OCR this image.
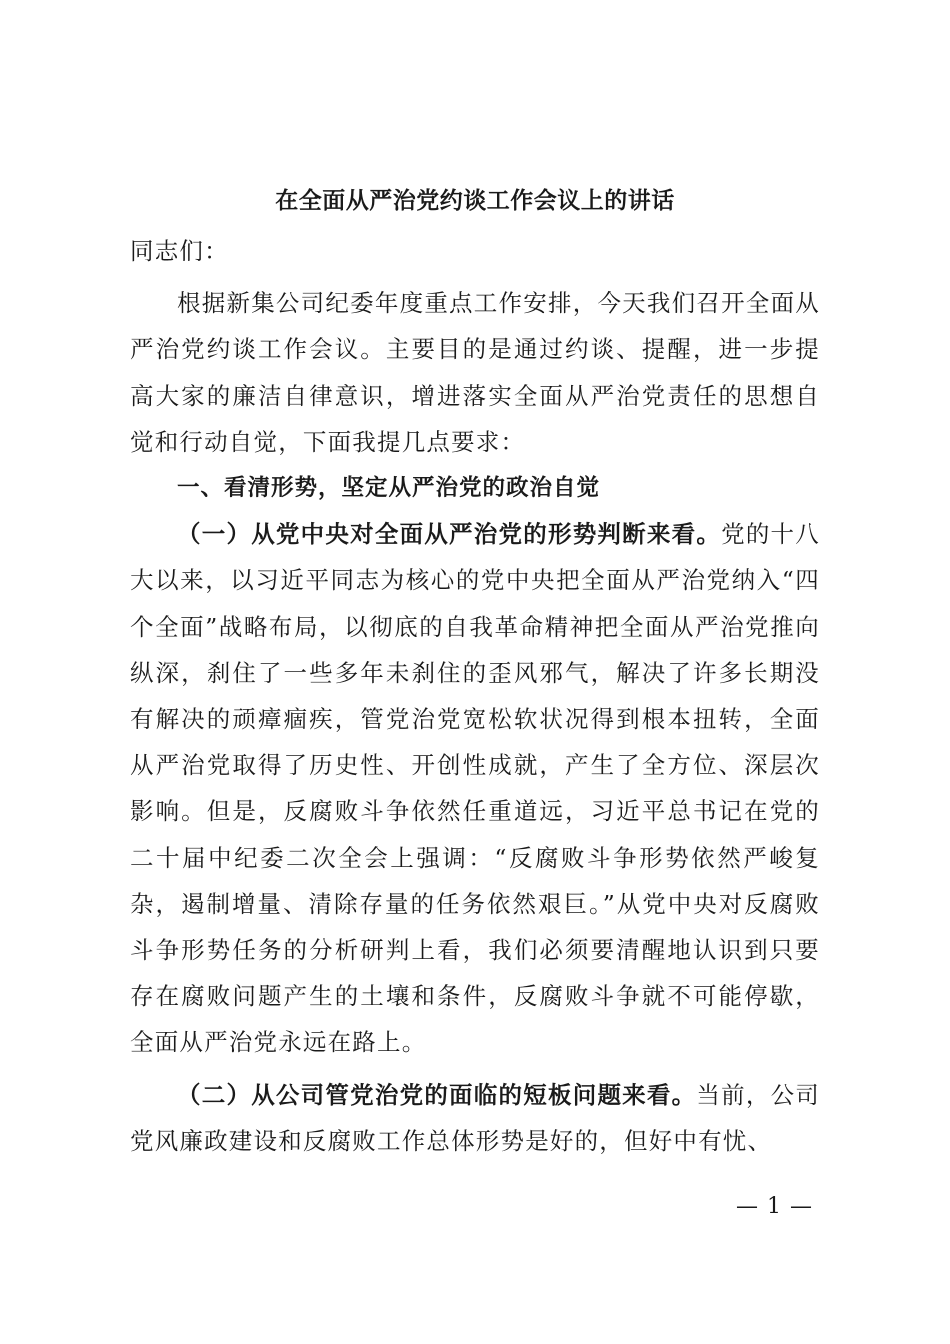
在全面从严治党约谈工作会议上的讲话

同志们：

根据新集公司纪委年度重点工作安排，今天我们召开全面从严治党约谈工作会议。主要目的是通过约谈、提醒，进一步提高大家的廉洁自律意识，增进落实全面从严治党责任的思想自觉和行动自觉，下面我提几点要求：

一、看清形势，坚定从严治党的政治自觉

（一）从党中央对全面从严治党的形势判断来看。党的十八大以来，以习近平同志为核心的党中央把全面从严治党纳入“四个全面”战略布局，以彻底的自我革命精神把全面从严治党推向纵深，刹住了一些多年未刹住的歪风邪气，解决了许多长期没有解决的顽瘴痼疾，管党治党宽松软状况得到根本扭转，全面从严治党取得了历史性、开创性成就，产生了全方位、深层次影响。但是，反腐败斗争依然任重道远，习近平总书记在党的二十届中纪委二次全会上强调：“反腐败斗争形势依然严峻复杂，遏制增量、清除存量的任务依然艰巨。”从党中央对反腐败斗争形势任务的分析研判上看，我们必须要清醒地认识到只要存在腐败问题产生的土壤和条件，反腐败斗争就不可能停歇，全面从严治党永远在路上。

（二）从公司管党治党的面临的短板问题来看。当前，公司党风廉政建设和反腐败工作总体形势是好的，但好中有忧、

— 1 —
